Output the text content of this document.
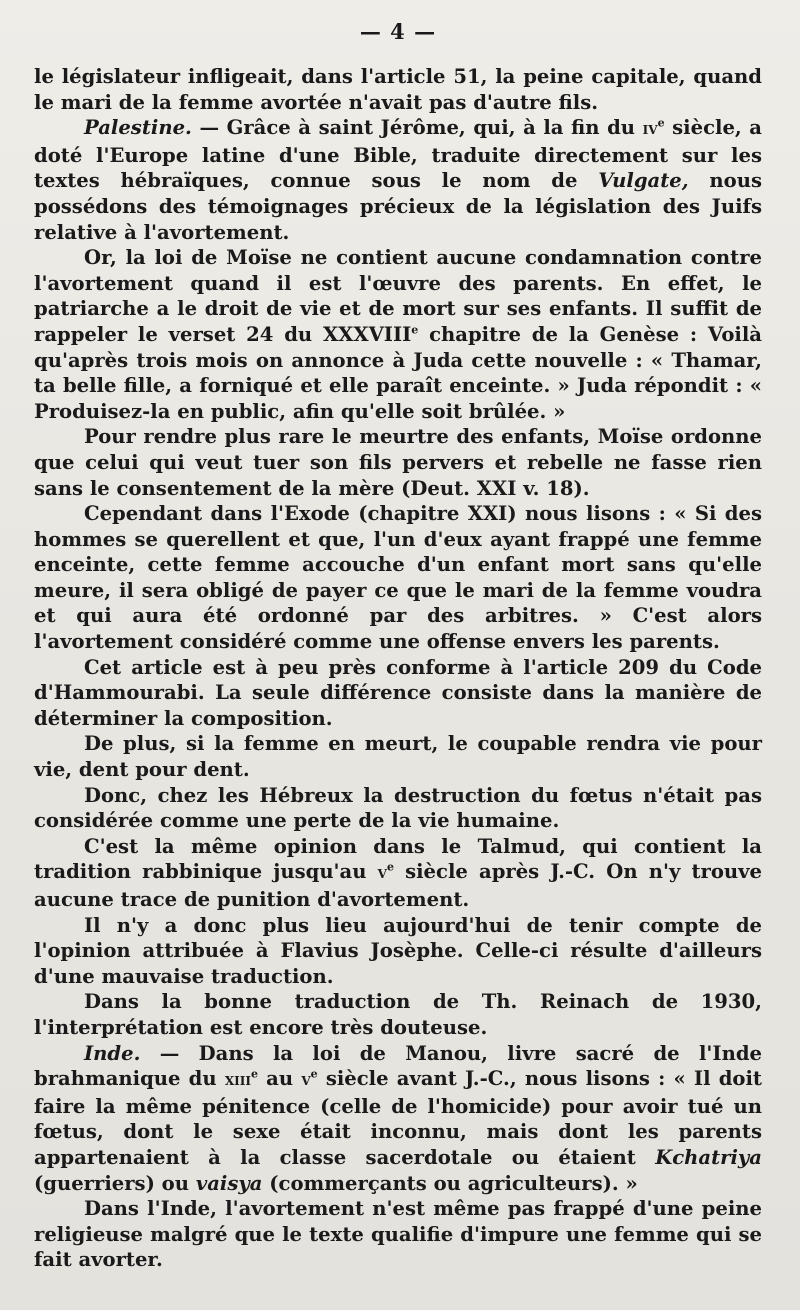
— 4 —

le législateur infligeait, dans l'article 51, la peine capitale, quand le mari de la femme avortée n'avait pas d'autre fils.

Palestine. — Grâce à saint Jérôme, qui, à la fin du $iv^e$ siècle, a doté l'Europe latine d'une Bible, traduite directement sur les textes hébraïques, connue sous le nom de Vulgate, nous possédons des témoignages précieux de la législation des Juifs relative à l'avortement.

Or, la loi de Moïse ne contient aucune condamnation contre l'avortement quand il est l'œuvre des parents. En effet, le patriarche a le droit de vie et de mort sur ses enfants. Il suffit de rappeler le verset 24 du XXXVIIIe chapitre de la Genèse : Voilà qu'après trois mois on annonce à Juda cette nouvelle : « Thamar, ta belle fille, a forniqué et elle paraît enceinte. » Juda répondit : « Produisez-la en public, afin qu'elle soit brûlée. »

Pour rendre plus rare le meurtre des enfants, Moïse ordonne que celui qui veut tuer son fils pervers et rebelle ne fasse rien sans le consentement de la mère (Deut. XXI v. 18).

Cependant dans l'Exode (chapitre XXI) nous lisons : « Si des hommes se querellent et que, l'un d'eux ayant frappé une femme enceinte, cette femme accouche d'un enfant mort sans qu'elle meure, il sera obligé de payer ce que le mari de la femme voudra et qui aura été ordonné par des arbitres. » C'est alors l'avortement considéré comme une offense envers les parents.

Cet article est à peu près conforme à l'article 209 du Code d'Hammourabi. La seule différence consiste dans la manière de déterminer la composition.

De plus, si la femme en meurt, le coupable rendra vie pour vie, dent pour dent.

Donc, chez les Hébreux la destruction du fœtus n'était pas considérée comme une perte de la vie humaine.

C'est la même opinion dans le Talmud, qui contient la tradition rabbinique jusqu'au $v^e$ siècle après J.-C. On n'y trouve aucune trace de punition d'avortement.

Il n'y a donc plus lieu aujourd'hui de tenir compte de l'opinion attribuée à Flavius Josèphe. Celle-ci résulte d'ailleurs d'une mauvaise traduction.

Dans la bonne traduction de Th. Reinach de 1930, l'interprétation est encore très douteuse.

Inde. — Dans la loi de Manou, livre sacré de l'Inde brahmanique du xiii$^e$ au $v^e$ siècle avant J.-C., nous lisons : « Il doit faire la même pénitence (celle de l'homicide) pour avoir tué un fœtus, dont le sexe était inconnu, mais dont les parents appartenaient à la classe sacerdotale ou étaient Kchatriya (guerriers) ou vaisya (commerçants ou agriculteurs). »

Dans l'Inde, l'avortement n'est même pas frappé d'une peine religieuse malgré que le texte qualifie d'impure une femme qui se fait avorter.
